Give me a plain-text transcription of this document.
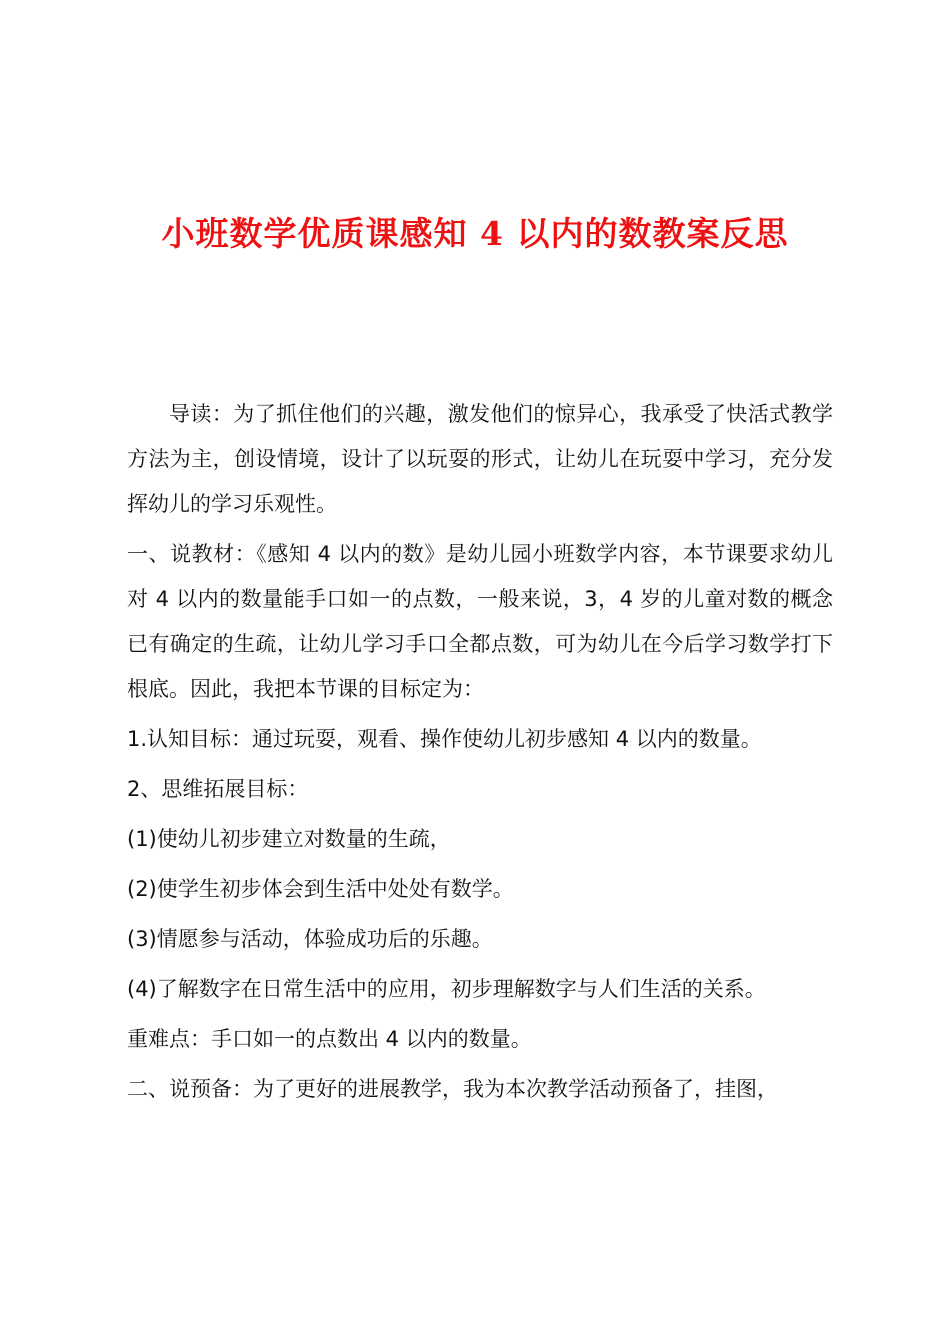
小班数学优质课感知 4 以内的数教案反思

导读：为了抓住他们的兴趣，激发他们的惊异心，我承受了快活式教学方法为主，创设情境，设计了以玩耍的形式，让幼儿在玩耍中学习，充分发挥幼儿的学习乐观性。

一、说教材：《感知 4 以内的数》是幼儿园小班数学内容，本节课要求幼儿对 4 以内的数量能手口如一的点数，一般来说，3，4 岁的儿童对数的概念已有确定的生疏，让幼儿学习手口全都点数，可为幼儿在今后学习数学打下根底。因此，我把本节课的目标定为：

1.认知目标：通过玩耍，观看、操作使幼儿初步感知 4 以内的数量。

2、思维拓展目标：

(1)使幼儿初步建立对数量的生疏，

(2)使学生初步体会到生活中处处有数学。

(3)情愿参与活动，体验成功后的乐趣。

(4)了解数字在日常生活中的应用，初步理解数字与人们生活的关系。

重难点：手口如一的点数出 4 以内的数量。

二、说预备：为了更好的进展教学，我为本次教学活动预备了，挂图，
